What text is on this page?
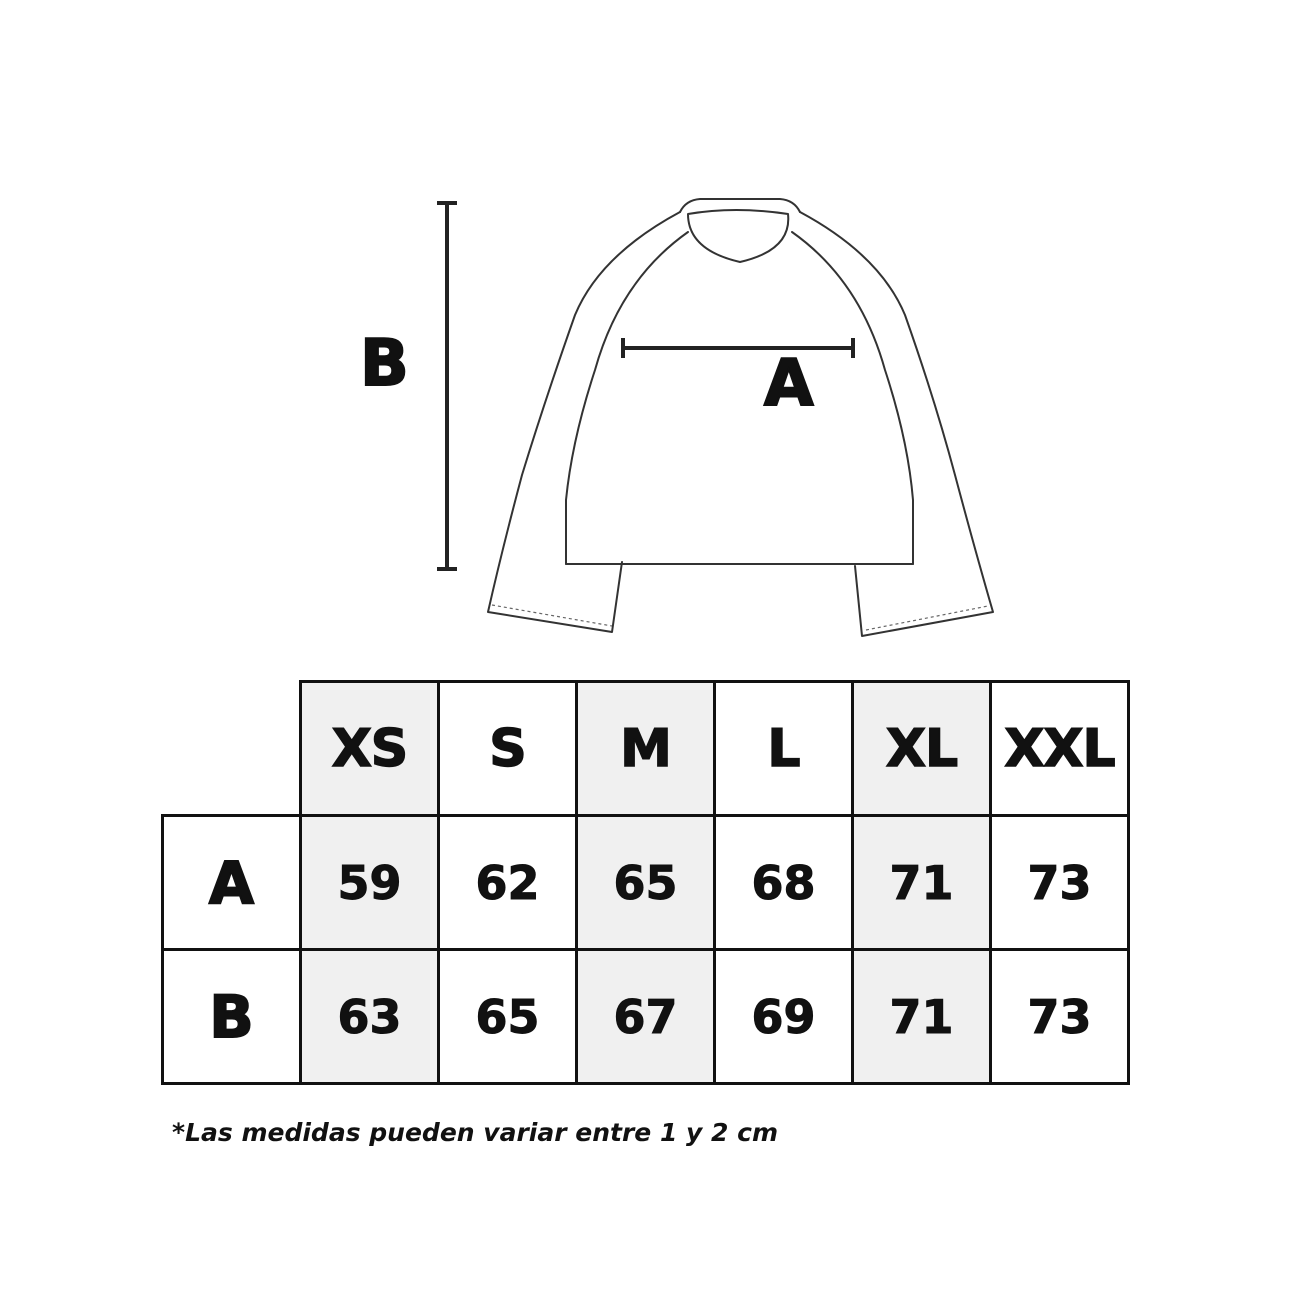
B	A
	XS	S	M	L	XL	XXL
A	59	62	65	68	71	73
B	63	65	67	69	71	73
*Las medidas pueden variar entre 1 y 2 cm
